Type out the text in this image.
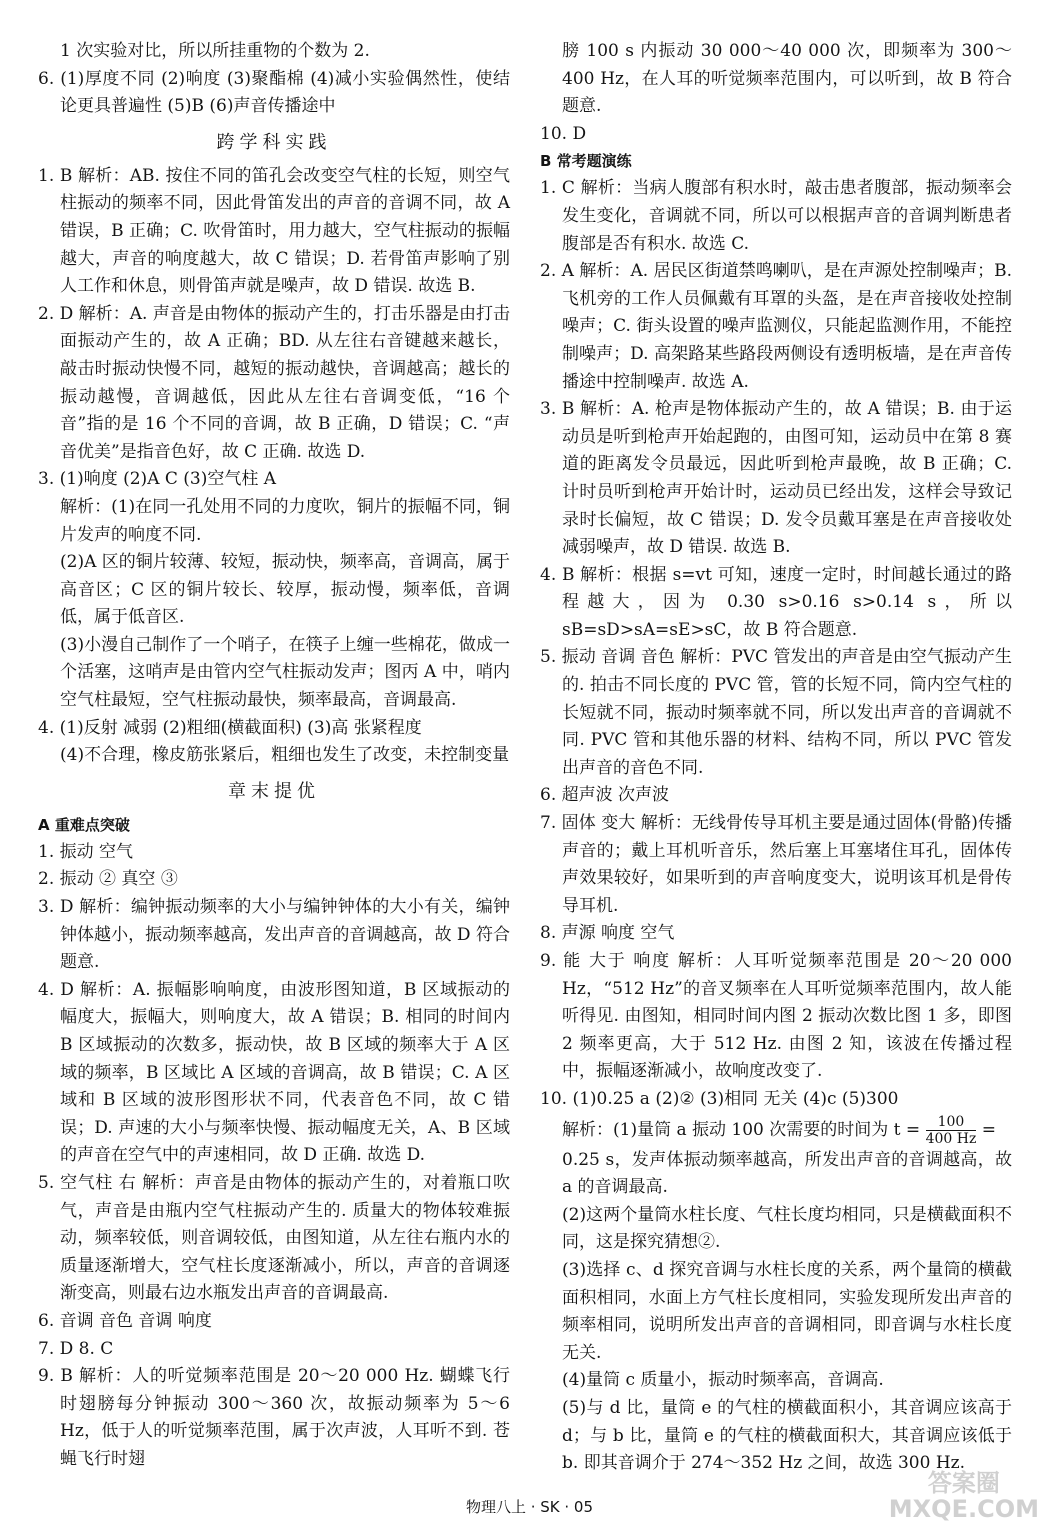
1 次实验对比，所以所挂重物的个数为 2.
6. (1)厚度不同 (2)响度 (3)聚酯棉 (4)减小实验偶然性，使结论更具普遍性 (5)B (6)声音传播途中
跨学科实践
1. B 解析：AB. 按住不同的笛孔会改变空气柱的长短，则空气柱振动的频率不同，因此骨笛发出的声音的音调不同，故 A 错误，B 正确；C. 吹骨笛时，用力越大，空气柱振动的振幅越大，声音的响度越大，故 C 错误；D. 若骨笛声影响了别人工作和休息，则骨笛声就是噪声，故 D 错误. 故选 B.
2. D 解析：A. 声音是由物体的振动产生的，打击乐器是由打击面振动产生的，故 A 正确；BD. 从左往右音键越来越长，敲击时振动快慢不同，越短的振动越快，音调越高；越长的振动越慢，音调越低，因此从左往右音调变低，“16 个音”指的是 16 个不同的音调，故 B 正确，D 错误；C. “声音优美”是指音色好，故 C 正确. 故选 D.
3. (1)响度 (2)A C (3)空气柱 A
解析：(1)在同一孔处用不同的力度吹，铜片的振幅不同，铜片发声的响度不同.
(2)A 区的铜片较薄、较短，振动快，频率高，音调高，属于高音区；C 区的铜片较长、较厚，振动慢，频率低，音调低，属于低音区.
(3)小漫自己制作了一个哨子，在筷子上缠一些棉花，做成一个活塞，这哨声是由管内空气柱振动发声；图丙 A 中，哨内空气柱最短，空气柱振动最快，频率最高，音调最高.
4. (1)反射 减弱 (2)粗细(横截面积) (3)高 张紧程度
(4)不合理，橡皮筋张紧后，粗细也发生了改变，未控制变量
章末提优
A 重难点突破
1. 振动 空气
2. 振动 ② 真空 ③
3. D 解析：编钟振动频率的大小与编钟钟体的大小有关，编钟钟体越小，振动频率越高，发出声音的音调越高，故 D 符合题意.
4. D 解析：A. 振幅影响响度，由波形图知道，B 区域振动的幅度大，振幅大，则响度大，故 A 错误；B. 相同的时间内 B 区域振动的次数多，振动快，故 B 区域的频率大于 A 区域的频率，B 区域比 A 区域的音调高，故 B 错误；C. A 区域和 B 区域的波形图形状不同，代表音色不同，故 C 错误；D. 声速的大小与频率快慢、振动幅度无关，A、B 区域的声音在空气中的声速相同，故 D 正确. 故选 D.
5. 空气柱 右 解析：声音是由物体的振动产生的，对着瓶口吹气，声音是由瓶内空气柱振动产生的. 质量大的物体较难振动，频率较低，则音调较低，由图知道，从左往右瓶内水的质量逐渐增大，空气柱长度逐渐减小，所以，声音的音调逐渐变高，则最右边水瓶发出声音的音调最高.
6. 音调 音色 音调 响度
7. D 8. C
9. B 解析：人的听觉频率范围是 20～20 000 Hz. 蝴蝶飞行时翅膀每分钟振动 300～360 次，故振动频率为 5～6 Hz，低于人的听觉频率范围，属于次声波，人耳听不到. 苍蝇飞行时翅
膀 100 s 内振动 30 000～40 000 次，即频率为 300～400 Hz，在人耳的听觉频率范围内，可以听到，故 B 符合题意.
10. D
B 常考题演练
1. C 解析：当病人腹部有积水时，敲击患者腹部，振动频率会发生变化，音调就不同，所以可以根据声音的音调判断患者腹部是否有积水. 故选 C.
2. A 解析：A. 居民区街道禁鸣喇叭，是在声源处控制噪声；B. 飞机旁的工作人员佩戴有耳罩的头盔，是在声音接收处控制噪声；C. 街头设置的噪声监测仪，只能起监测作用，不能控制噪声；D. 高架路某些路段两侧设有透明板墙，是在声音传播途中控制噪声. 故选 A.
3. B 解析：A. 枪声是物体振动产生的，故 A 错误；B. 由于运动员是听到枪声开始起跑的，由图可知，运动员中在第 8 赛道的距离发令员最远，因此听到枪声最晚，故 B 正确；C. 计时员听到枪声开始计时，运动员已经出发，这样会导致记录时长偏短，故 C 错误；D. 发令员戴耳塞是在声音接收处减弱噪声，故 D 错误. 故选 B.
4. B 解析：根据 s=vt 可知，速度一定时，时间越长通过的路程越大，因为 0.30 s>0.16 s>0.14 s，所以 sB=sD>sA=sE>sC，故 B 符合题意.
5. 振动 音调 音色 解析：PVC 管发出的声音是由空气振动产生的. 拍击不同长度的 PVC 管，管的长短不同，筒内空气柱的长短就不同，振动时频率就不同，所以发出声音的音调就不同. PVC 管和其他乐器的材料、结构不同，所以 PVC 管发出声音的音色不同.
6. 超声波 次声波
7. 固体 变大 解析：无线骨传导耳机主要是通过固体(骨骼)传播声音的；戴上耳机听音乐，然后塞上耳塞堵住耳孔，固体传声效果较好，如果听到的声音响度变大，说明该耳机是骨传导耳机.
8. 声源 响度 空气
9. 能 大于 响度 解析：人耳听觉频率范围是 20～20 000 Hz，“512 Hz”的音叉频率在人耳听觉频率范围内，故人能听得见. 由图知，相同时间内图 2 振动次数比图 1 多，即图 2 频率更高，大于 512 Hz. 由图 2 知，该波在传播过程中，振幅逐渐减小，故响度改变了.
10. (1)0.25 a (2)② (3)相同 无关 (4)c (5)300
解析：(1)量筒 a 振动 100 次需要的时间为 $t = \frac{100}{400 Hz}$ =
0.25 s，发声体振动频率越高，所发出声音的音调越高，故 a 的音调最高.
(2)这两个量筒水柱长度、气柱长度均相同，只是横截面积不同，这是探究猜想②.
(3)选择 c、d 探究音调与水柱长度的关系，两个量筒的横截面积相同，水面上方气柱长度相同，实验发现所发出声音的频率相同，说明所发出声音的音调相同，即音调与水柱长度无关.
(4)量筒 c 质量小，振动时频率高，音调高.
(5)与 d 比，量筒 e 的气柱的横截面积小，其音调应该高于 d；与 b 比，量筒 e 的气柱的横截面积大，其音调应该低于 b. 即其音调介于 274～352 Hz 之间，故选 300 Hz.
物理八上 · SK · 05
答案圈
MXQE.COM
